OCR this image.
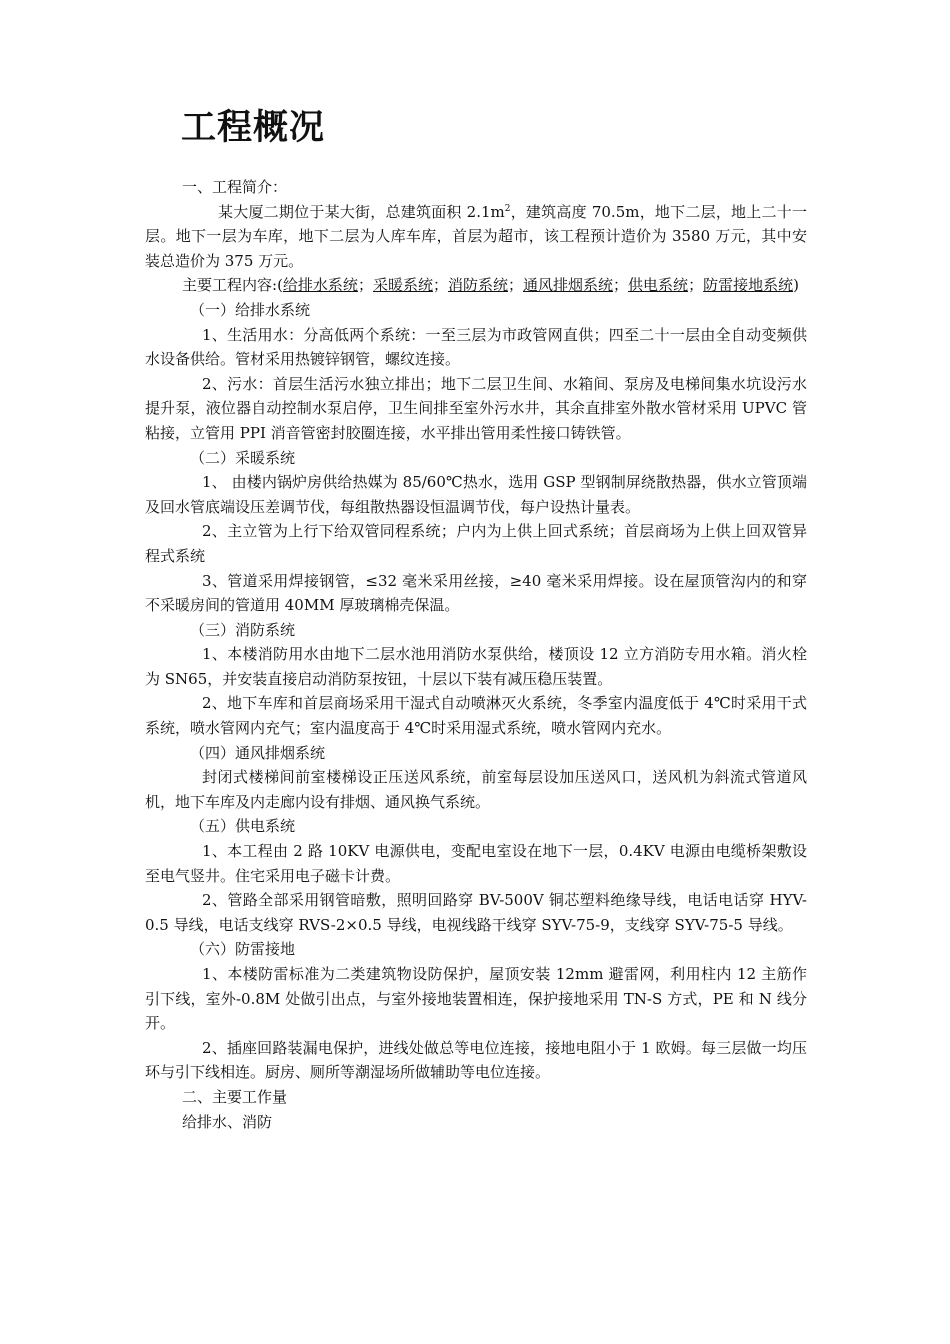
工程概况

一、工程简介：

某大厦二期位于某大街，总建筑面积 $2.1m^2$，建筑高度 70.5m，地下二层，地上二十一层。地下一层为车库，地下二层为人库车库，首层为超市，该工程预计造价为 3580 万元，其中安装总造价为 375 万元。

主要工程内容:(给排水系统；采暖系统；消防系统；通风排烟系统；供电系统；防雷接地系统)

（一）给排水系统

1、生活用水：分高低两个系统：一至三层为市政管网直供；四至二十一层由全自动变频供水设备供给。管材采用热镀锌钢管，螺纹连接。

2、污水：首层生活污水独立排出；地下二层卫生间、水箱间、泵房及电梯间集水坑设污水提升泵，液位器自动控制水泵启停，卫生间排至室外污水井，其余直排室外散水管材采用 UPVC 管粘接，立管用 PPI 消音管密封胶圈连接，水平排出管用柔性接口铸铁管。

（二）采暖系统

1、 由楼内锅炉房供给热媒为 85/60℃热水，选用 GSP 型钢制屏绕散热器，供水立管顶端及回水管底端设压差调节伐，每组散热器设恒温调节伐，每户设热计量表。

2、主立管为上行下给双管同程系统；户内为上供上回式系统；首层商场为上供上回双管异程式系统

3、管道采用焊接钢管，≤32 毫米采用丝接，≥40 毫米采用焊接。设在屋顶管沟内的和穿不采暖房间的管道用 40MM 厚玻璃棉壳保温。

（三）消防系统

1、本楼消防用水由地下二层水池用消防水泵供给，楼顶设 12 立方消防专用水箱。消火栓为 SN65，并安装直接启动消防泵按钮，十层以下装有减压稳压装置。

2、地下车库和首层商场采用干湿式自动喷淋灭火系统，冬季室内温度低于 4℃时采用干式系统，喷水管网内充气；室内温度高于 4℃时采用湿式系统，喷水管网内充水。

（四）通风排烟系统

封闭式楼梯间前室楼梯设正压送风系统，前室每层设加压送风口，送风机为斜流式管道风机，地下车库及内走廊内设有排烟、通风换气系统。

（五）供电系统

1、本工程由 2 路 10KV 电源供电，变配电室设在地下一层，0.4KV 电源由电缆桥架敷设至电气竖井。住宅采用电子磁卡计费。

2、管路全部采用钢管暗敷，照明回路穿 BV-500V 铜芯塑料绝缘导线，电话电话穿 HYV-0.5 导线，电话支线穿 RVS-2×0.5 导线，电视线路干线穿 SYV-75-9，支线穿 SYV-75-5 导线。

（六）防雷接地

1、本楼防雷标准为二类建筑物设防保护，屋顶安装 12mm 避雷网，利用柱内 12 主筋作引下线，室外-0.8M 处做引出点，与室外接地装置相连，保护接地采用 TN-S 方式，PE 和 N 线分开。

2、插座回路装漏电保护，进线处做总等电位连接，接地电阻小于 1 欧姆。每三层做一均压环与引下线相连。厨房、厕所等潮湿场所做辅助等电位连接。

二、主要工作量

给排水、消防
